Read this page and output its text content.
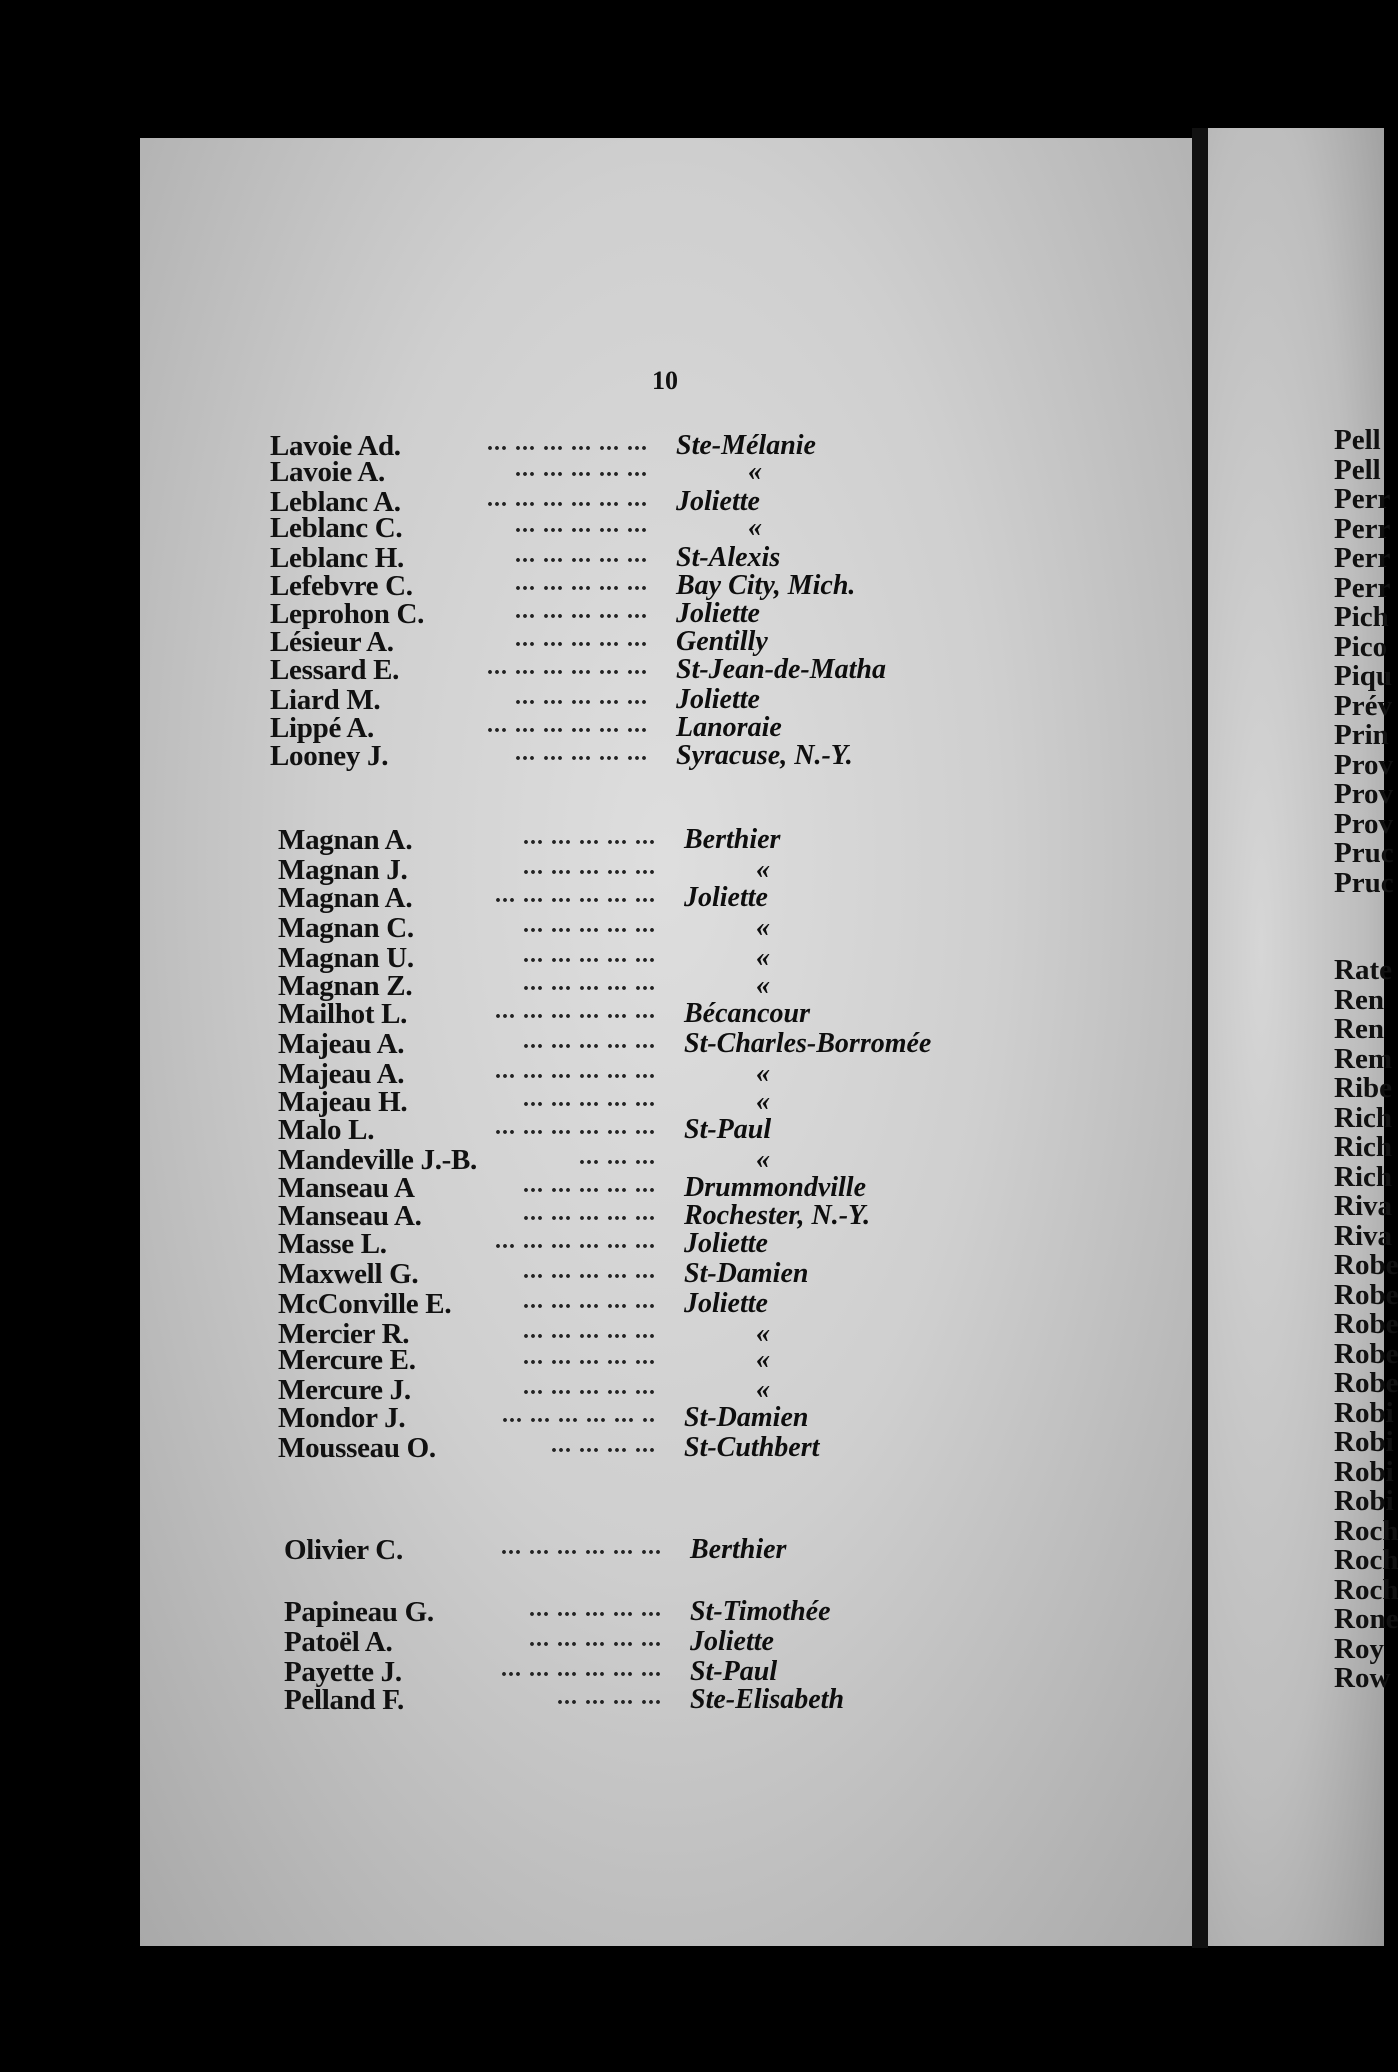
10
Lavoie Ad.	... ... ... ... ... ... Ste-Mélanie
Lavoie A.	... ... ... ... ...	«
Leblanc A.	... ... ... ... ... ... Joliette
Leblanc C.	... ... ... ... ...	«
Leblanc H.	... ... ... ... ... St-Alexis
Lefebvre C.	... ... ... ... ... Bay City, Mich.
Leprohon C.	... ... ... ... ... Joliette
Lésieur A.	... ... ... ... ... Gentilly
Lessard E.	... ... ... ... ... ... St-Jean-de-Matha
Liard M.	... ... ... ... ... Joliette
Lippé A.	... ... ... ... ... ... Lanoraie
Looney J.	... ... ... ... ... Syracuse, N.-Y.
Magnan A.	... ... ... ... ... Berthier
Magnan J.	... ... ... ... ...	«
Magnan A.	... ... ... ... ... ... Joliette
Magnan C.	... ... ... ... ...	«
Magnan U.	... ... ... ... ...	«
Magnan Z.	... ... ... ... ...	«
Mailhot L.	... ... ... ... ... ... Bécancour
Majeau A.	... ... ... ... ... St-Charles-Borromée
Majeau A.	... ... ... ... ... ...	«
Majeau H.	... ... ... ... ...	«
Malo L.	... ... ... ... ... ... St-Paul
Mandeville J.-B.	... ... ...	«
Manseau A	... ... ... ... ... Drummondville
Manseau A.	... ... ... ... ... Rochester, N.-Y.
Masse L.	... ... ... ... ... ... Joliette
Maxwell G.	... ... ... ... ... St-Damien
McConville E.	... ... ... ... ... Joliette
Mercier R.	... ... ... ... ...	«
Mercure E.	... ... ... ... ...	«
Mercure J.	... ... ... ... ...	«
Mondor J.	... ... ... ... ... .. St-Damien
Mousseau O.	... ... ... ... St-Cuthbert
Olivier C.	... ... ... ... ... ... Berthier
Papineau G.	... ... ... ... ... St-Timothée
Patoël A.	... ... ... ... ... Joliette
Payette J.	... ... ... ... ... ... St-Paul
Pelland F.	... ... ... ... Ste-Elisabeth
Pell
Pell
Perr
Perr
Perr
Perr
Pich
Pico
Piqu
Prév
Prin
Prov
Prov
Prov
Pruc
Pruc
Rate
Ren
Ren
Rem
Ribe
Rich
Rich
Rich
Riva
Riva
Robe
Robe
Robe
Robe
Robe
Robi
Robi
Robi
Robi
Roch
Roch
Roch
Rone
Roy
Row
